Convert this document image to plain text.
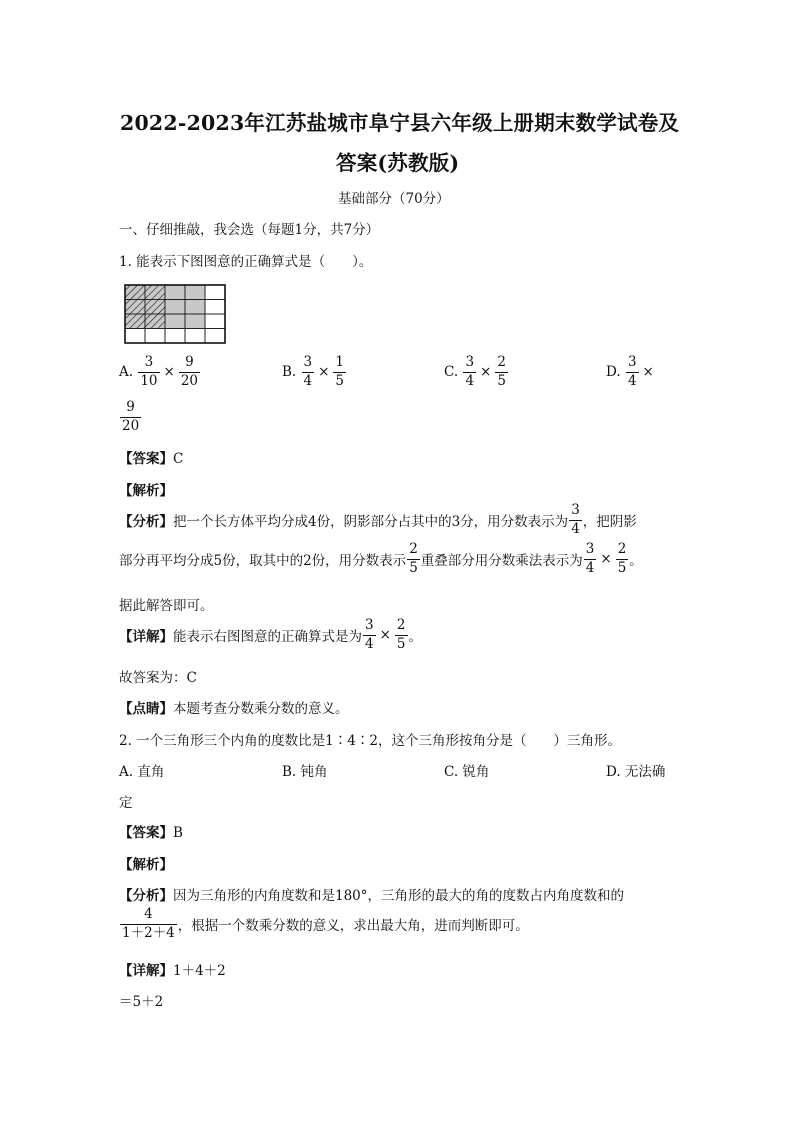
2022-2023年江苏盐城市阜宁县六年级上册期末数学试卷及
答案(苏教版)
基础部分（70分）
一、仔细推敲，我会选（每题1分，共7分）
1. 能表示下图图意的正确算式是（　　）。
A. $\frac{3}{10} \times \frac{9}{20}$	B. $\frac{3}{4} \times \frac{1}{5}$	C. $\frac{3}{4} \times \frac{2}{5}$	D. $\frac{3}{4}$ ×
$\frac{9}{20}$
【答案】C
【解析】
【分析】把一个长方体平均分成4份，阴影部分占其中的3分，用分数表示为 $\frac{3}{4}$ ，把阴影
部分再平均分成5份，取其中的2份，用分数表示 $\frac{2}{5}$ 重叠部分用分数乘法表示为 $\frac{3}{4} \times \frac{2}{5}$ 。
据此解答即可。
【详解】能表示右图图意的正确算式是为 $\frac{3}{4} \times \frac{2}{5}$ 。
故答案为：C
【点睛】本题考查分数乘分数的意义。
2. 一个三角形三个内角的度数比是1∶4∶2，这个三角形按角分是（　　）三角形。
A. 直角	B. 钝角	C. 锐角	D. 无法确
定
【答案】B
【解析】
【分析】因为三角形的内角度数和是180°，三角形的最大的角的度数占内角度数和的
$\frac{4}{1+2+4}$ ，根据一个数乘分数的意义，求出最大角，进而判断即可。
【详解】1＋4＋2
＝5＋2
